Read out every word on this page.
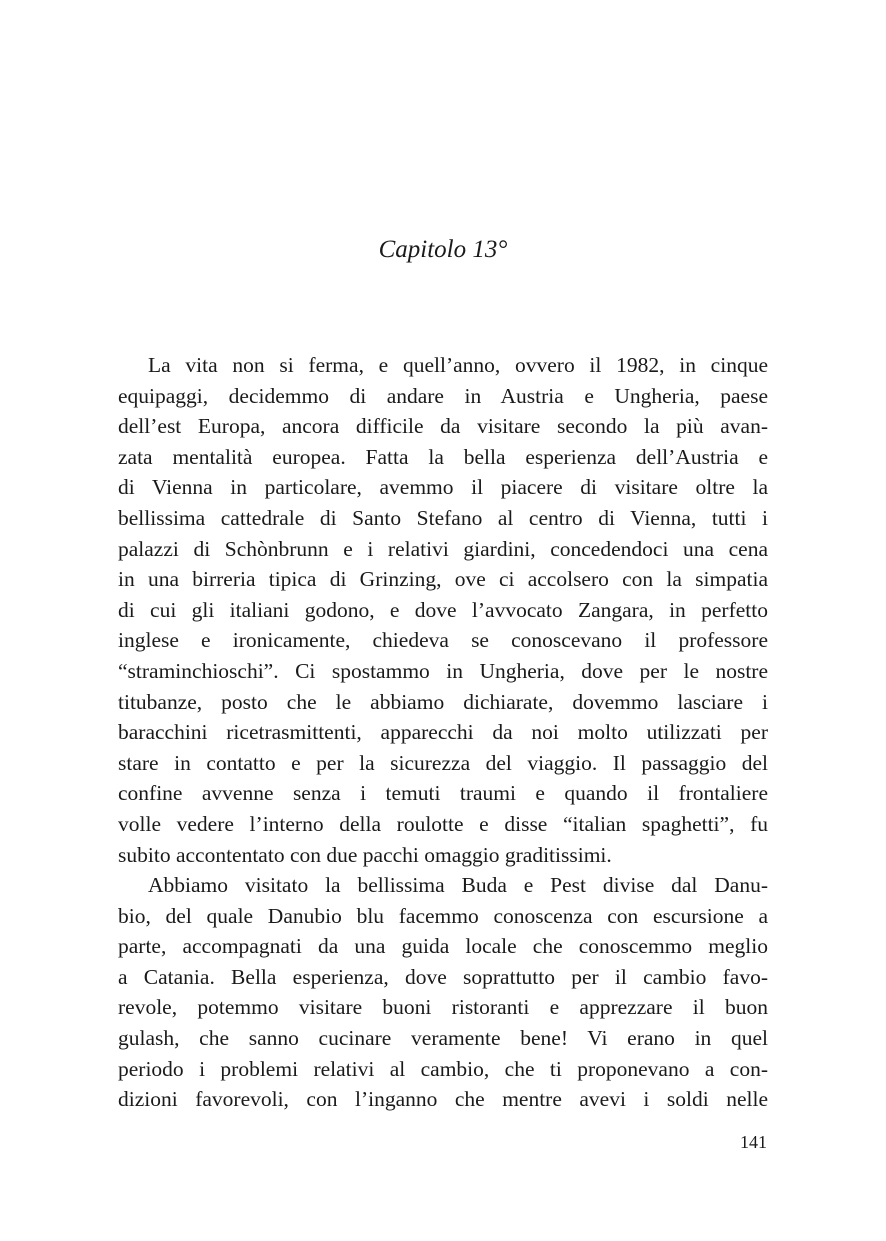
Capitolo 13°
La vita non si ferma, e quell’anno, ovvero il 1982, in cinque
equipaggi, decidemmo di andare in Austria e Ungheria, paese
dell’est Europa, ancora difficile da visitare secondo la più avan-
zata mentalità europea. Fatta la bella esperienza dell’Austria e
di Vienna in particolare, avemmo il piacere di visitare oltre la
bellissima cattedrale di Santo Stefano al centro di Vienna, tutti i
palazzi di Schònbrunn e i relativi giardini, concedendoci una cena
in una birreria tipica di Grinzing, ove ci accolsero con la simpatia
di cui gli italiani godono, e dove l’avvocato Zangara, in perfetto
inglese e ironicamente, chiedeva se conoscevano il professore
“straminchioschi”. Ci spostammo in Ungheria, dove per le nostre
titubanze, posto che le abbiamo dichiarate, dovemmo lasciare i
baracchini ricetrasmittenti, apparecchi da noi molto utilizzati per
stare in contatto e per la sicurezza del viaggio. Il passaggio del
confine avvenne senza i temuti traumi e quando il frontaliere
volle vedere l’interno della roulotte e disse “italian spaghetti”, fu
subito accontentato con due pacchi omaggio graditissimi.
Abbiamo visitato la bellissima Buda e Pest divise dal Danu-
bio, del quale Danubio blu facemmo conoscenza con escursione a
parte, accompagnati da una guida locale che conoscemmo meglio
a Catania. Bella esperienza, dove soprattutto per il cambio favo-
revole, potemmo visitare buoni ristoranti e apprezzare il buon
gulash, che sanno cucinare veramente bene! Vi erano in quel
periodo i problemi relativi al cambio, che ti proponevano a con-
dizioni favorevoli, con l’inganno che mentre avevi i soldi nelle
141
